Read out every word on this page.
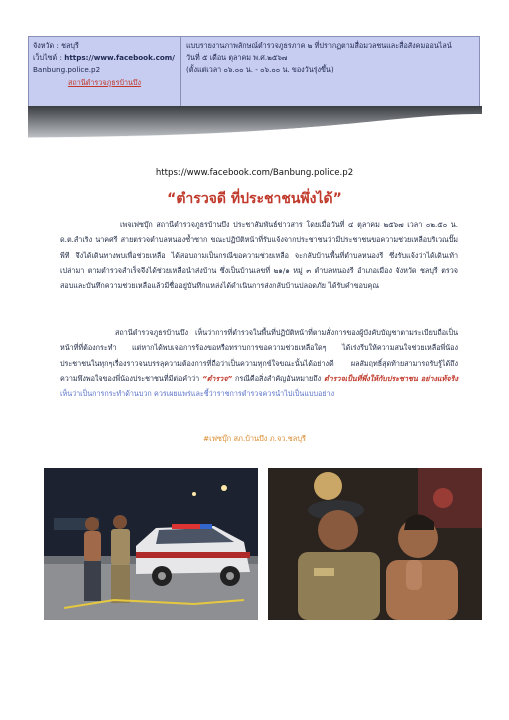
จังหวัด : ชลบุรี
เว็บไซต์ : https://www.facebook.com/
Banbung.police.p2
สถานีตำรวจภูธรบ้านบึง
แบบรายงานภาพลักษณ์ตำรวจภูธรภาค ๒ ที่ปรากฏตามสื่อมวลชนและสื่อสังคมออนไลน์
วันที่ ๕ เดือน ตุลาคม พ.ศ.๒๕๖๗
(ตั้งแต่เวลา ๐๖.๐๐ น. - ๐๖.๐๐ น. ของวันรุ่งขึ้น)
https://www.facebook.com/Banbung.police.p2
“ตำรวจดี ที่ประชาชนพึ่งได้”
เพจเฟซบุ๊ก สถานีตำรวจภูธรบ้านบึง ประชาสัมพันธ์ข่าวสาร โดยเมื่อวันที่ ๔ ตุลาคม ๒๕๖๗ เวลา ๐๒.๕๐ น. ด.ต.สำเริง นาคศรี สายตรวจตำบลหนองซ้ำซาก ขณะปฏิบัติหน้าที่รับแจ้งจากประชาชนว่ามีประชาชนขอความช่วยเหลือบริเวณปั๊มพีที จึงได้เดินทางพบเพื่อช่วยเหลือ ได้สอบถามเป็นกรณีขอความช่วยเหลือ จะกลับบ้านพื้นที่ตำบลหนองรี ซึ่งรับแจ้งว่าได้เดินเท้าเปล่ามา ตามตำรวจสำเร็จจึงได้ช่วยเหลือนำส่งบ้าน ซึ่งเป็นบ้านเลขที่ ๒๑/๑ หมู่ ๓ ตำบลหนองรี อำเภอเมือง จังหวัด ชลบุรี ตรวจสอบและบันทึกความช่วยเหลือแล้วมีชื่ออยู่บันทึกแหล่งได้ดำเนินการส่งกลับบ้านปลอดภัย ได้รับคำขอบคุณ
สถานีตำรวจภูธรบ้านบึง เห็นว่าการที่ตำรวจในพื้นที่ปฏิบัติหน้าที่ตามสั่งการของผู้บังคับบัญชาตามระเบียบถือเป็นหน้าที่ที่ต้องกระทำ แต่หากได้พบเจอการร้องขอหรือทราบการขอความช่วยเหลือใดๆ ได้เร่งรีบให้ความสนใจช่วยเหลือพี่น้องประชาชนในทุกๆเรื่องราวจนบรรลุความต้องการที่ถือว่าเป็นความทุกข์ใจขณะนั้นได้อย่างดี ผลสัมฤทธิ์สุดท้ายสามารถรับรู้ได้ถึงความพึงพอใจของพี่น้องประชาชนที่มีต่อคำว่า “ตำรวจ” กรณีคือสิ่งสำคัญอันหมายถึง ตำรวจเป็นที่พึ่งให้กับประชาชน อย่างแท้จริง เห็นว่าเป็นการกระทำด้านบวก ควรเผยแพร่และชี้ว่าราชการตำรวจควรนำไปเป็นแบบอย่าง
#เฟซบุ๊ก สภ.บ้านบึง ภ.จว.ชลบุรี
